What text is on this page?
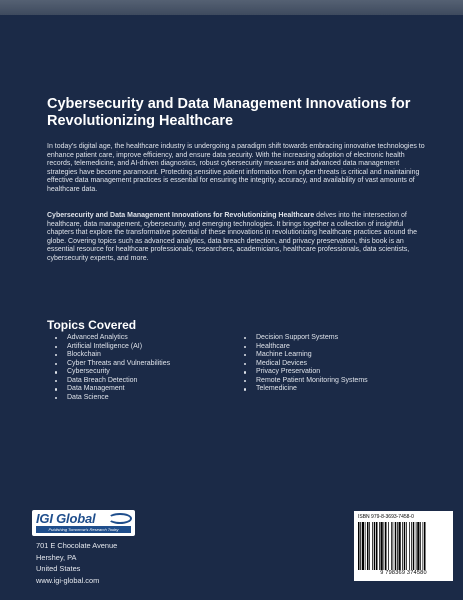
Cybersecurity and Data Management Innovations for Revolutionizing Healthcare

In today's digital age, the healthcare industry is undergoing a paradigm shift towards embracing innovative technologies to enhance patient care, improve efficiency, and ensure data security. With the increasing adoption of electronic health records, telemedicine, and AI-driven diagnostics, robust cybersecurity measures and advanced data management strategies have become paramount. Protecting sensitive patient information from cyber threats is critical and maintaining effective data management practices is essential for ensuring the integrity, accuracy, and availability of vast amounts of healthcare data.

Cybersecurity and Data Management Innovations for Revolutionizing Healthcare delves into the intersection of healthcare, data management, cybersecurity, and emerging technologies. It brings together a collection of insightful chapters that explore the transformative potential of these innovations in revolutionizing healthcare practices around the globe. Covering topics such as advanced analytics, data breach detection, and privacy preservation, this book is an essential resource for healthcare professionals, researchers, academicians, healthcare professionals, data scientists, cybersecurity experts, and more.

Topics Covered
Advanced Analytics
Artificial Intelligence (AI)
Blockchain
Cyber Threats and Vulnerabilities
Cybersecurity
Data Breach Detection
Data Management
Data Science
Decision Support Systems
Healthcare
Machine Learning
Medical Devices
Privacy Preservation
Remote Patient Monitoring Systems
Telemedicine
IGI Global
Publishing Tomorrow's Research Today
701 E Chocolate Avenue
Hershey, PA
United States
www.igi-global.com
ISBN 979-8-3693-7458-0
9 798369 374580
